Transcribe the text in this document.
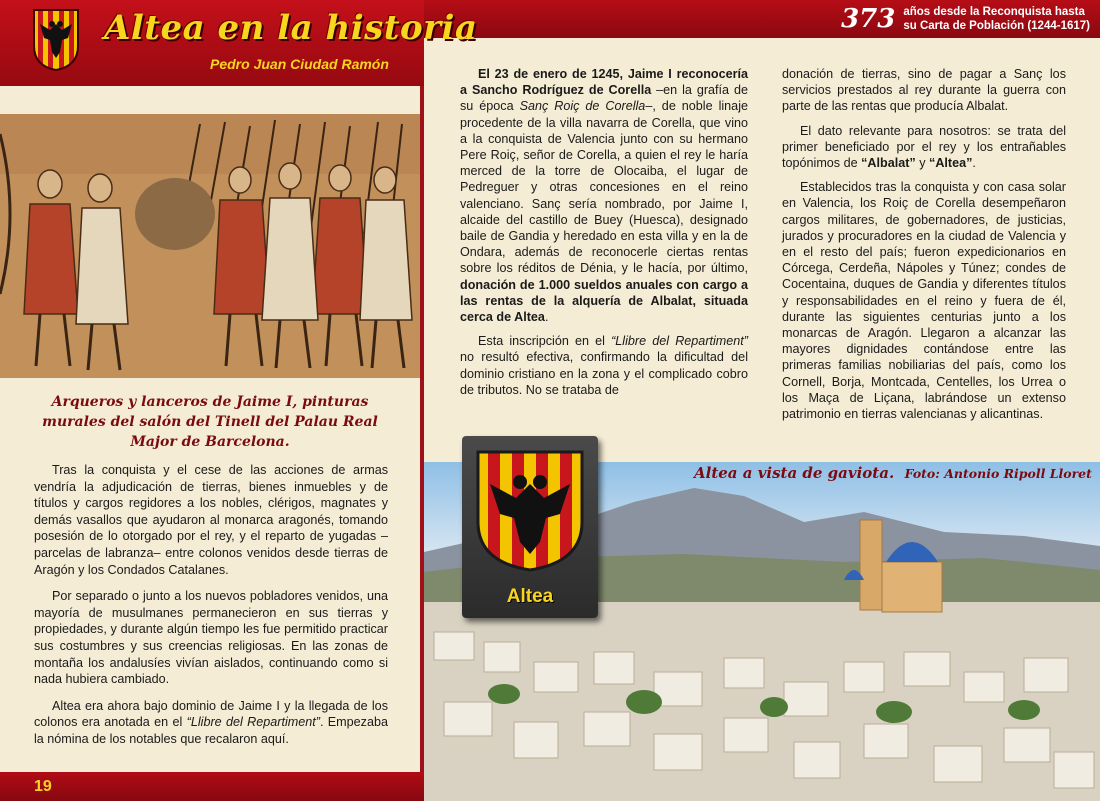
Altea en la historia
Pedro Juan Ciudad Ramón
373 años desde la Reconquista hasta
su Carta de Población (1244-1617)

Arqueros y lanceros de Jaime I, pinturas murales del salón del Tinell del Palau Real Major de Barcelona.

Tras la conquista y el cese de las acciones de armas vendría la adjudicación de tierras, bienes inmuebles y de títulos y cargos regidores a los nobles, clérigos, magnates y demás vasallos que ayudaron al monarca aragonés, tomando posesión de lo otorgado por el rey, y el reparto de yugadas –parcelas de labranza– entre colonos venidos desde tierras de Aragón y los Condados Catalanes.

Por separado o junto a los nuevos pobladores venidos, una mayoría de musulmanes permanecieron en sus tierras y propiedades, y durante algún tiempo les fue permitido practicar sus costumbres y sus creencias religiosas. En las zonas de montaña los andalusíes vivían aislados, continuando como si nada hubiera cambiado.

Altea era ahora bajo dominio de Jaime I y la llegada de los colonos era anotada en el “Llibre del Repartiment”. Empezaba la nómina de los notables que recalaron aquí.

19

El 23 de enero de 1245, Jaime I reconocería a Sancho Rodríguez de Corella –en la grafía de su época Sanç Roiç de Corella–, de noble linaje procedente de la villa navarra de Corella, que vino a la conquista de Valencia junto con su hermano Pere Roiç, señor de Corella, a quien el rey le haría merced de la torre de Olocaiba, el lugar de Pedreguer y otras concesiones en el reino valenciano. Sanç sería nombrado, por Jaime I, alcaide del castillo de Buey (Huesca), designado baile de Gandia y heredado en esta villa y en la de Ondara, además de reconocerle ciertas rentas sobre los réditos de Dénia, y le hacía, por último, donación de 1.000 sueldos anuales con cargo a las rentas de la alquería de Albalat, situada cerca de Altea.

Esta inscripción en el “Llibre del Repartiment” no resultó efectiva, confirmando la dificultad del dominio cristiano en la zona y el complicado cobro de tributos. No se trataba de

donación de tierras, sino de pagar a Sanç los servicios prestados al rey durante la guerra con parte de las rentas que producía Albalat.

El dato relevante para nosotros: se trata del primer beneficiado por el rey y los entrañables topónimos de “Albalat” y “Altea”.

Establecidos tras la conquista y con casa solar en Valencia, los Roiç de Corella desempeñaron cargos militares, de gobernadores, de justicias, jurados y procuradores en la ciudad de Valencia y en el resto del país; fueron expedicionarios en Córcega, Cerdeña, Nápoles y Túnez; condes de Cocentaina, duques de Gandia y diferentes títulos y responsabilidades en el reino y fuera de él, durante las siguientes centurias junto a los monarcas de Aragón. Llegaron a alcanzar las mayores dignidades contándose entre las primeras familias nobiliarias del país, como los Cornell, Borja, Montcada, Centelles, los Urrea o los Maça de Liçana, labrándose un extenso patrimonio en tierras valencianas y alicantinas.

Altea a vista de gaviota. Foto: Antonio Ripoll Lloret
Altea
